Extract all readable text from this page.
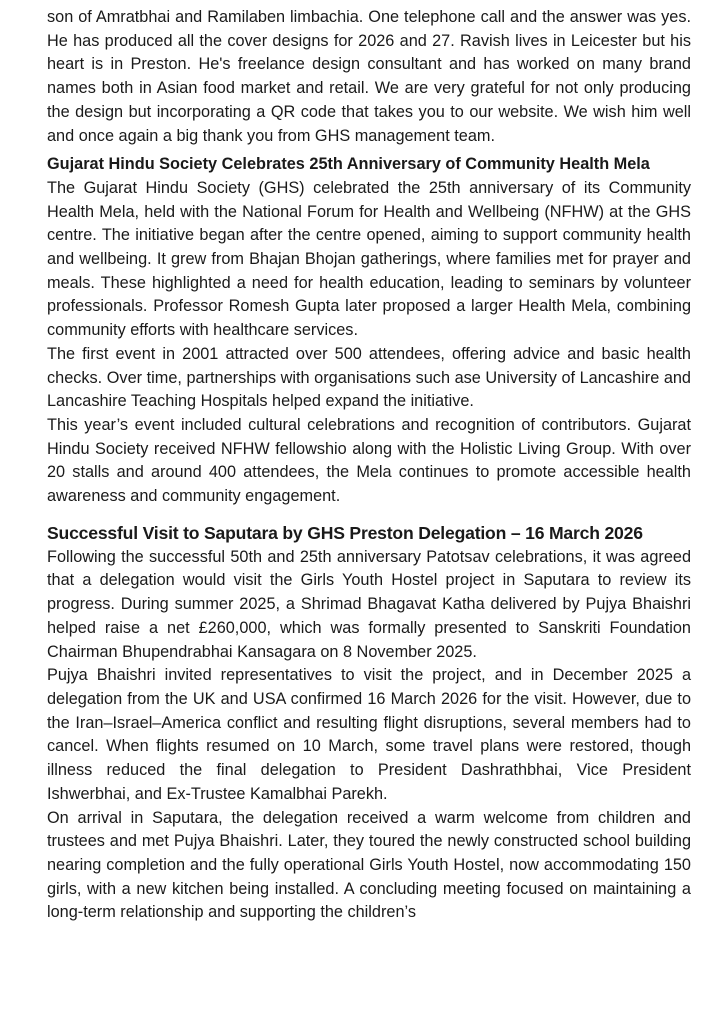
son of Amratbhai and Ramilaben limbachia. One telephone call and the answer was yes. He has produced all the cover designs for 2026 and 27. Ravish lives in Leicester but his heart is in Preston. He's freelance design consultant and has worked on many brand names both in Asian food market and retail. We are very grateful for not only producing the design but incorporating a QR code that takes you to our website. We wish him well and once again a big thank you from GHS management team.

Gujarat Hindu Society Celebrates 25th Anniversary of Community Health Mela

The Gujarat Hindu Society (GHS) celebrated the 25th anniversary of its Community Health Mela, held with the National Forum for Health and Wellbeing (NFHW) at the GHS centre. The initiative began after the centre opened, aiming to support community health and wellbeing. It grew from Bhajan Bhojan gatherings, where families met for prayer and meals. These highlighted a need for health education, leading to seminars by volunteer professionals. Professor Romesh Gupta later proposed a larger Health Mela, combining community efforts with healthcare services.

The first event in 2001 attracted over 500 attendees, offering advice and basic health checks. Over time, partnerships with organisations such ase University of Lancashire and Lancashire Teaching Hospitals helped expand the initiative.

This year’s event included cultural celebrations and recognition of contributors. Gujarat Hindu Society received NFHW fellowshio along with the Holistic Living Group. With over 20 stalls and around 400 attendees, the Mela continues to promote accessible health awareness and community engagement.

Successful Visit to Saputara by GHS Preston Delegation – 16 March 2026

Following the successful 50th and 25th anniversary Patotsav celebrations, it was agreed that a delegation would visit the Girls Youth Hostel project in Saputara to review its progress. During summer 2025, a Shrimad Bhagavat Katha delivered by Pujya Bhaishri helped raise a net £260,000, which was formally presented to Sanskriti Foundation Chairman Bhupendrabhai Kansagara on 8 November 2025.

Pujya Bhaishri invited representatives to visit the project, and in December 2025 a delegation from the UK and USA confirmed 16 March 2026 for the visit. However, due to the Iran–Israel–America conflict and resulting flight disruptions, several members had to cancel. When flights resumed on 10 March, some travel plans were restored, though illness reduced the final delegation to President Dashrathbhai, Vice President Ishwerbhai, and Ex-Trustee Kamalbhai Parekh.

On arrival in Saputara, the delegation received a warm welcome from children and trustees and met Pujya Bhaishri. Later, they toured the newly constructed school building nearing completion and the fully operational Girls Youth Hostel, now accommodating 150 girls, with a new kitchen being installed. A concluding meeting focused on maintaining a long-term relationship and supporting the children’s
